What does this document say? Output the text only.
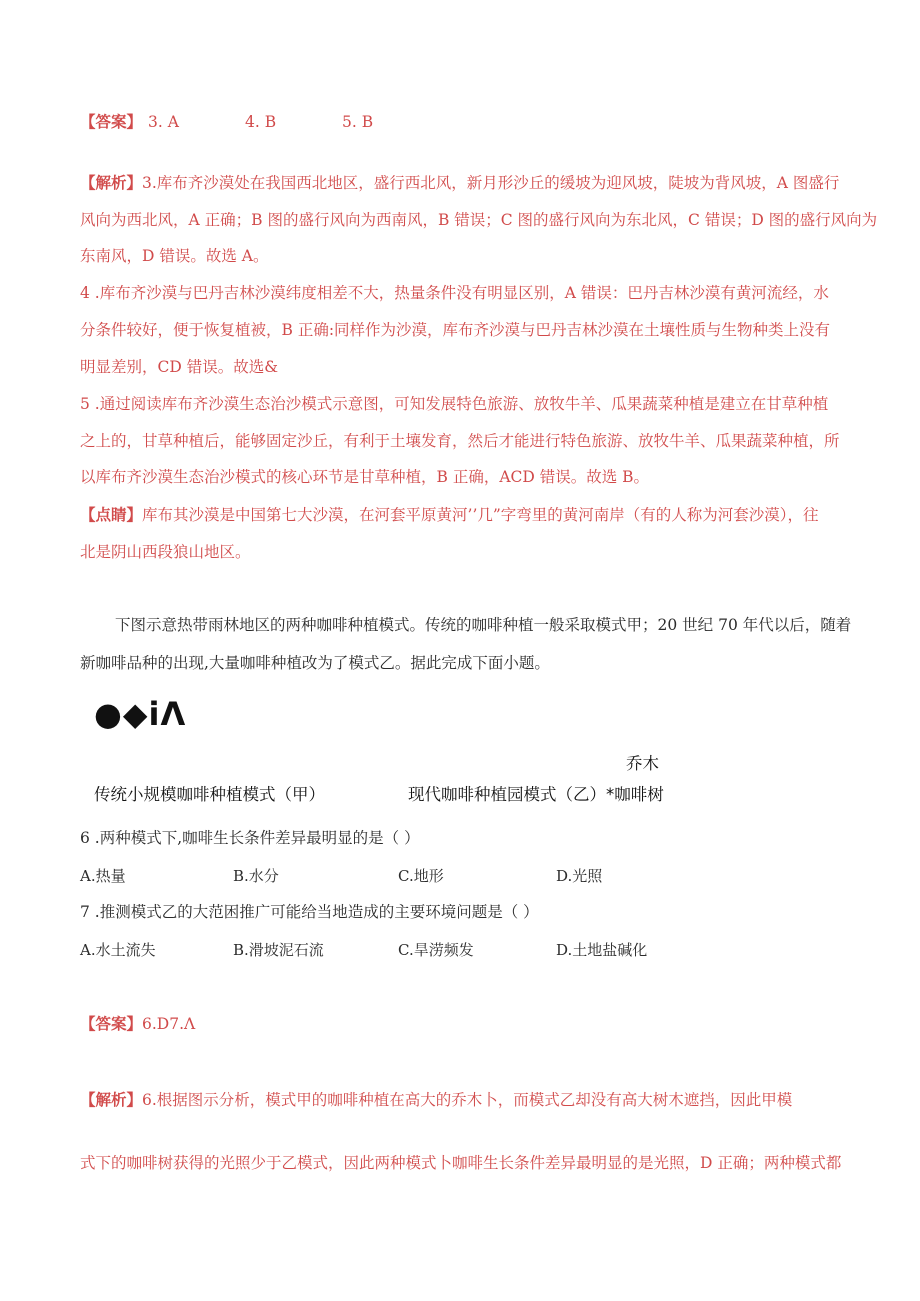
【答案】 3. A	4. B	5. B
【解析】3.库布齐沙漠处在我国西北地区，盛行西北风，新月形沙丘的缓坡为迎风坡，陡坡为背风坡，A 图盛行
风向为西北风，A 正确；B 图的盛行风向为西南风，B 错误；C 图的盛行风向为东北风，C 错误；D 图的盛行风向为
东南风，D 错误。故选 A。
4 .库布齐沙漠与巴丹吉林沙漠纬度相差不大，热量条件没有明显区别，A 错误：巴丹吉林沙漠有黄河流经，水
分条件较好，便于恢复植被，B 正确:同样作为沙漠，库布齐沙漠与巴丹吉林沙漠在土壤性质与生物种类上没有
明显差别，CD 错误。故选&
5 .通过阅读库布齐沙漠生态治沙模式示意图，可知发展特色旅游、放牧牛羊、瓜果蔬菜种植是建立在甘草种植
之上的，甘草种植后，能够固定沙丘，有利于土壤发育，然后才能进行特色旅游、放牧牛羊、瓜果蔬菜种植，所
以库布齐沙漠生态治沙模式的核心环节是甘草种植，B 正确，ACD 错误。故选 B。
【点睛】库布其沙漠是中国第七大沙漠，在河套平原黄河’’几”字弯里的黄河南岸（有的人称为河套沙漠），往
北是阴山西段狼山地区。
下图示意热带雨林地区的两种咖啡种植模式。传统的咖啡种植一般采取模式甲；20 世纪 70 年代以后，随着
新咖啡品种的出现,大量咖啡种植改为了模式乙。据此完成下面小题。
●◆iΛ
乔木
传统小规模咖啡种植模式（甲）	现代咖啡种植园模式（乙）*咖啡树
6 .两种模式下,咖啡生长条件差异最明显的是（ ）
A.热量	B.水分	C.地形	D.光照
7 .推测模式乙的大范困推广可能给当地造成的主要环境问题是（ ）
A.水土流失	B.滑坡泥石流	C.旱涝频发	D.土地盐碱化
【答案】6.D7.Λ
【解析】6.根据图示分析，模式甲的咖啡种植在高大的乔木卜，而模式乙却没有高大树木遮挡，因此甲模
式下的咖啡树获得的光照少于乙模式，因此两种模式卜咖啡生长条件差异最明显的是光照，D 正确；两种模式都
